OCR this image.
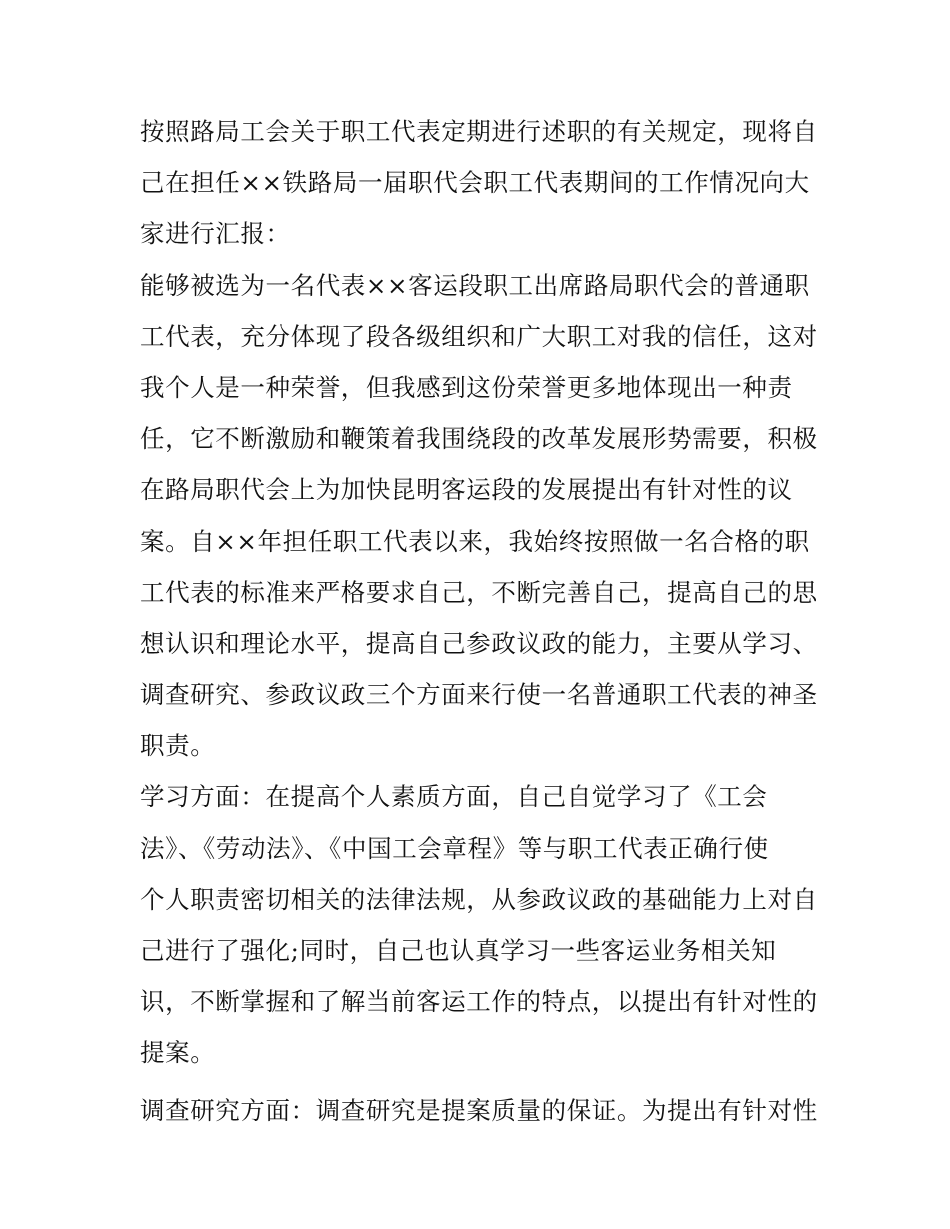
按照路局工会关于职工代表定期进行述职的有关规定，现将自
己在担任××铁路局一届职代会职工代表期间的工作情况向大
家进行汇报：
能够被选为一名代表××客运段职工出席路局职代会的普通职
工代表，充分体现了段各级组织和广大职工对我的信任，这对
我个人是一种荣誉，但我感到这份荣誉更多地体现出一种责
任，它不断激励和鞭策着我围绕段的改革发展形势需要，积极
在路局职代会上为加快昆明客运段的发展提出有针对性的议
案。自××年担任职工代表以来，我始终按照做一名合格的职
工代表的标准来严格要求自己，不断完善自己，提高自己的思
想认识和理论水平，提高自己参政议政的能力，主要从学习、
调查研究、参政议政三个方面来行使一名普通职工代表的神圣
职责。
学习方面：在提高个人素质方面，自己自觉学习了《工会
法》、《劳动法》、《中国工会章程》等与职工代表正确行使
个人职责密切相关的法律法规，从参政议政的基础能力上对自
己进行了强化;同时，自己也认真学习一些客运业务相关知
识，不断掌握和了解当前客运工作的特点，以提出有针对性的
提案。
调查研究方面：调查研究是提案质量的保证。为提出有针对性
